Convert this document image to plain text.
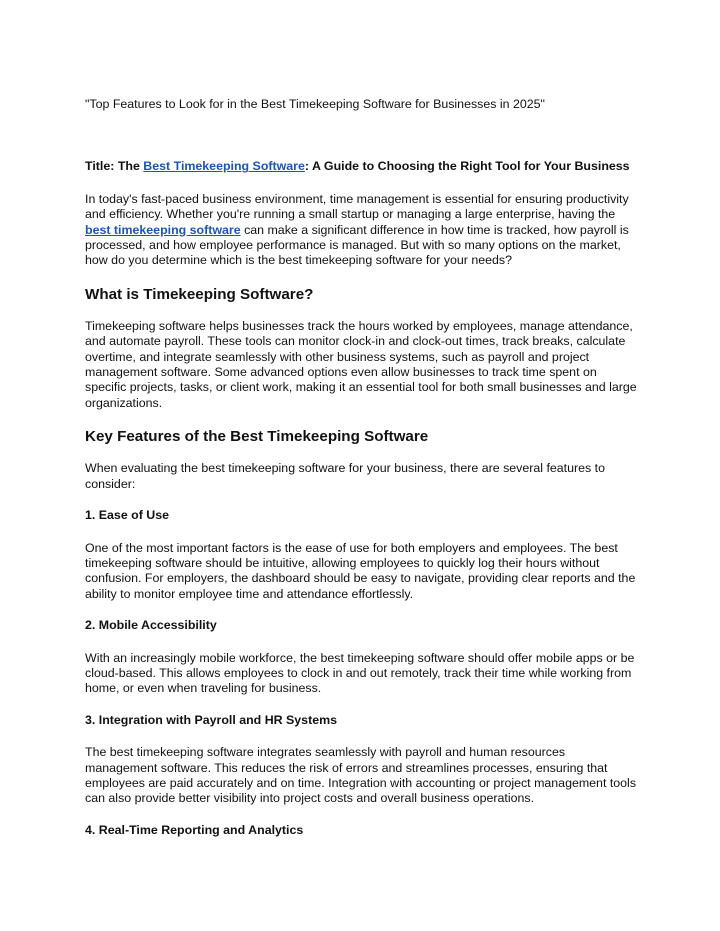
"Top Features to Look for in the Best Timekeeping Software for Businesses in 2025"

Title: The Best Timekeeping Software: A Guide to Choosing the Right Tool for Your Business

In today's fast-paced business environment, time management is essential for ensuring productivity and efficiency. Whether you're running a small startup or managing a large enterprise, having the best timekeeping software can make a significant difference in how time is tracked, how payroll is processed, and how employee performance is managed. But with so many options on the market, how do you determine which is the best timekeeping software for your needs?

What is Timekeeping Software?

Timekeeping software helps businesses track the hours worked by employees, manage attendance, and automate payroll. These tools can monitor clock-in and clock-out times, track breaks, calculate overtime, and integrate seamlessly with other business systems, such as payroll and project management software. Some advanced options even allow businesses to track time spent on specific projects, tasks, or client work, making it an essential tool for both small businesses and large organizations.

Key Features of the Best Timekeeping Software

When evaluating the best timekeeping software for your business, there are several features to consider:

1. Ease of Use

One of the most important factors is the ease of use for both employers and employees. The best timekeeping software should be intuitive, allowing employees to quickly log their hours without confusion. For employers, the dashboard should be easy to navigate, providing clear reports and the ability to monitor employee time and attendance effortlessly.

2. Mobile Accessibility

With an increasingly mobile workforce, the best timekeeping software should offer mobile apps or be cloud-based. This allows employees to clock in and out remotely, track their time while working from home, or even when traveling for business.

3. Integration with Payroll and HR Systems

The best timekeeping software integrates seamlessly with payroll and human resources management software. This reduces the risk of errors and streamlines processes, ensuring that employees are paid accurately and on time. Integration with accounting or project management tools can also provide better visibility into project costs and overall business operations.

4. Real-Time Reporting and Analytics
